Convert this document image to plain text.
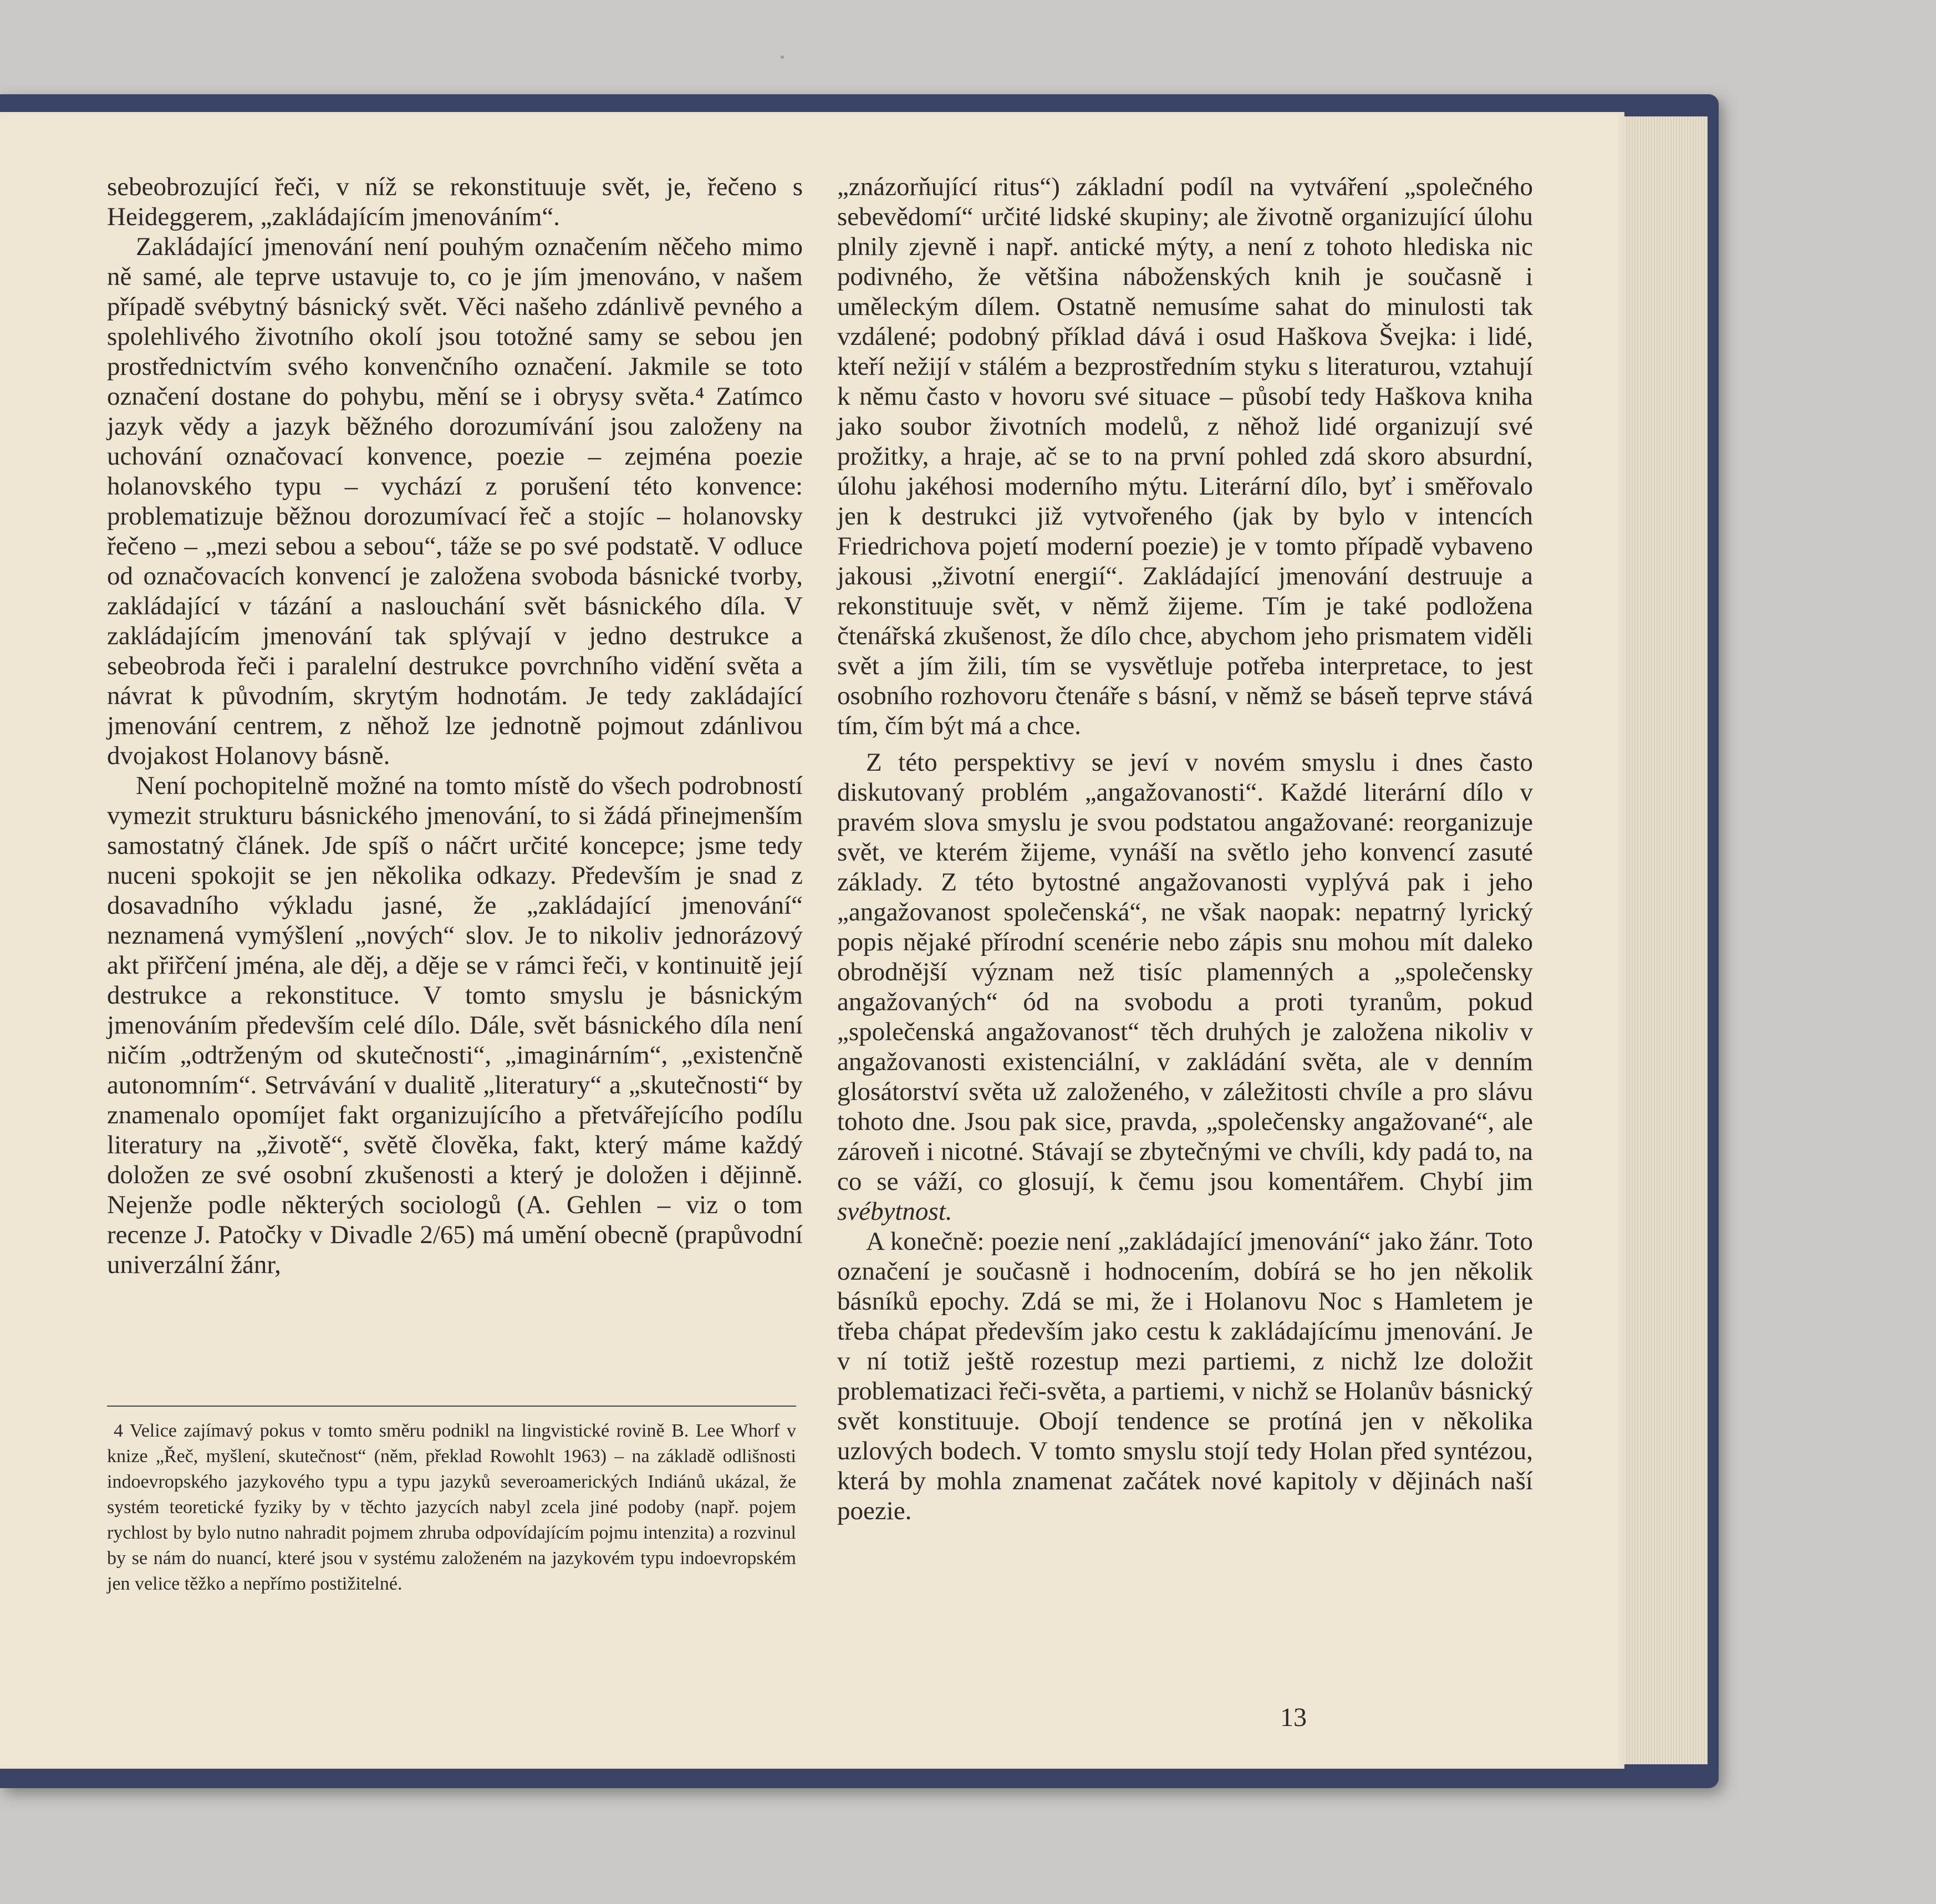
sebeobrozující řeči, v níž se rekonstituuje svět, je, řečeno s Heideggerem, „zakládajícím jmenováním“.

Zakládající jmenování není pouhým označením něčeho mimo ně samé, ale teprve ustavuje to, co je jím jmenováno, v našem případě svébytný básnický svět. Věci našeho zdánlivě pevného a spolehlivého životního okolí jsou totožné samy se sebou jen prostřednictvím svého konvenčního označení. Jakmile se toto označení dostane do pohybu, mění se i obrysy světa.⁴ Zatímco jazyk vědy a jazyk běžného dorozumívání jsou založeny na uchování označovací konvence, poezie – zejména poezie holanovského typu – vychází z porušení této konvence: problematizuje běžnou dorozumívací řeč a stojíc – holanovsky řečeno – „mezi sebou a sebou“, táže se po své podstatě. V odluce od označovacích konvencí je založena svoboda básnické tvorby, zakládající v tázání a naslouchání svět básnického díla. V zakládajícím jmenování tak splývají v jedno destrukce a sebeobroda řeči i paralelní destrukce povrchního vidění světa a návrat k původním, skrytým hodnotám. Je tedy zakládající jmenování centrem, z něhož lze jednotně pojmout zdánlivou dvojakost Holanovy básně.

Není pochopitelně možné na tomto místě do všech podrobností vymezit strukturu básnického jmenování, to si žádá přinejmenším samostatný článek. Jde spíš o náčrt určité koncepce; jsme tedy nuceni spokojit se jen několika odkazy. Především je snad z dosavadního výkladu jasné, že „zakládající jmenování“ neznamená vymýšlení „nových“ slov. Je to nikoliv jednorázový akt přiřčení jména, ale děj, a děje se v rámci řeči, v kontinuitě její destrukce a rekonstituce. V tomto smyslu je básnickým jmenováním především celé dílo. Dále, svět básnického díla není ničím „odtrženým od skutečnosti“, „imaginárním“, „existenčně autonomním“. Setrvávání v dualitě „literatury“ a „skutečnosti“ by znamenalo opomíjet fakt organizujícího a přetvářejícího podílu literatury na „životě“, světě člověka, fakt, který máme každý doložen ze své osobní zkušenosti a který je doložen i dějinně. Nejenže podle některých sociologů (A. Gehlen – viz o tom recenze J. Patočky v Divadle 2/65) má umění obecně (prapůvodní univerzální žánr,

4 Velice zajímavý pokus v tomto směru podnikl na lingvistické rovině B. Lee Whorf v knize „Řeč, myšlení, skutečnost“ (něm, překlad Rowohlt 1963) – na základě odlišnosti indoevropského jazykového typu a typu jazyků severoamerických Indiánů ukázal, že systém teoretické fyziky by v těchto jazycích nabyl zcela jiné podoby (např. pojem rychlost by bylo nutno nahradit pojmem zhruba odpovídajícím pojmu intenzita) a rozvinul by se nám do nuancí, které jsou v systému založeném na jazykovém typu indoevropském jen velice těžko a nepřímo postižitelné.

„znázorňující ritus“) základní podíl na vytváření „společného sebevědomí“ určité lidské skupiny; ale životně organizující úlohu plnily zjevně i např. antické mýty, a není z tohoto hlediska nic podivného, že většina náboženských knih je současně i uměleckým dílem. Ostatně nemusíme sahat do minulosti tak vzdálené; podobný příklad dává i osud Haškova Švejka: i lidé, kteří nežijí v stálém a bezprostředním styku s literaturou, vztahují k němu často v hovoru své situace – působí tedy Haškova kniha jako soubor životních modelů, z něhož lidé organizují své prožitky, a hraje, ač se to na první pohled zdá skoro absurdní, úlohu jakéhosi moderního mýtu. Literární dílo, byť i směřovalo jen k destrukci již vytvořeného (jak by bylo v intencích Friedrichova pojetí moderní poezie) je v tomto případě vybaveno jakousi „životní energií“. Zakládající jmenování destruuje a rekonstituuje svět, v němž žijeme. Tím je také podložena čtenářská zkušenost, že dílo chce, abychom jeho prismatem viděli svět a jím žili, tím se vysvětluje potřeba interpretace, to jest osobního rozhovoru čtenáře s básní, v němž se báseň teprve stává tím, čím být má a chce.

Z této perspektivy se jeví v novém smyslu i dnes často diskutovaný problém „angažovanosti“. Každé literární dílo v pravém slova smyslu je svou podstatou angažované: reorganizuje svět, ve kterém žijeme, vynáší na světlo jeho konvencí zasuté základy. Z této bytostné angažovanosti vyplývá pak i jeho „angažovanost společenská“, ne však naopak: nepatrný lyrický popis nějaké přírodní scenérie nebo zápis snu mohou mít daleko obrodnější význam než tisíc plamenných a „společensky angažovaných“ ód na svobodu a proti tyranům, pokud „společenská angažovanost“ těch druhých je založena nikoliv v angažovanosti existenciální, v zakládání světa, ale v denním glosátorství světa už založeného, v záležitosti chvíle a pro slávu tohoto dne. Jsou pak sice, pravda, „společensky angažované“, ale zároveň i nicotné. Stávají se zbytečnými ve chvíli, kdy padá to, na co se váží, co glosují, k čemu jsou komentářem. Chybí jim svébytnost.

A konečně: poezie není „zakládající jmenování“ jako žánr. Toto označení je současně i hodnocením, dobírá se ho jen několik básníků epochy. Zdá se mi, že i Holanovu Noc s Hamletem je třeba chápat především jako cestu k zakládajícímu jmenování. Je v ní totiž ještě rozestup mezi partiemi, z nichž lze doložit problematizaci řeči-světa, a partiemi, v nichž se Holanův básnický svět konstituuje. Obojí tendence se protíná jen v několika uzlových bodech. V tomto smyslu stojí tedy Holan před syntézou, která by mohla znamenat začátek nové kapitoly v dějinách naší poezie.

13
